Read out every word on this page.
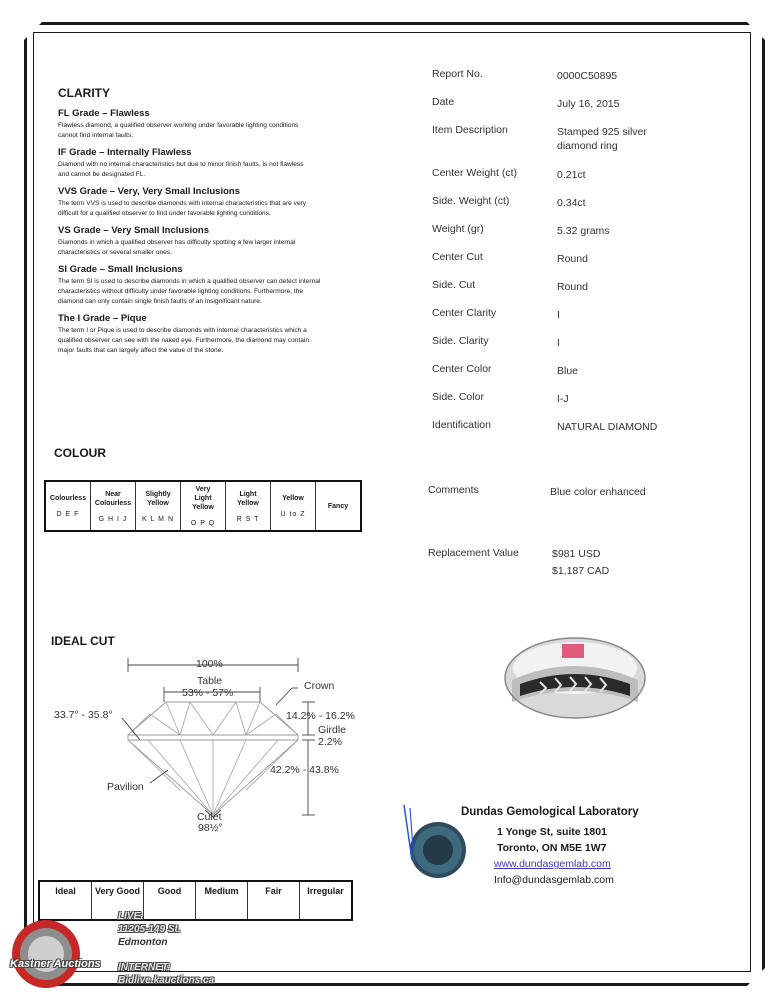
CLARITY
FL Grade – Flawless
Flawless diamond, a qualified observer working under favorable lighting conditions
cannot find internal faults.
IF Grade – Internally Flawless
Diamond with no internal characteristics but due to minor finish faults, is not flawless
and cannot be designated FL.
VVS Grade – Very, Very Small Inclusions
The term VVS is used to describe diamonds with internal characteristics that are very
difficult for a qualified observer to find under favorable lighting conditions.
VS Grade – Very Small Inclusions
Diamonds in which a qualified observer has difficulty spotting a few larger internal
characteristics or several smaller ones.
SI Grade – Small Inclusions
The term SI is used to describe diamonds in which a qualified observer can detect internal
characteristics without difficulty under favorable lighting conditions. Furthermore, the
diamond can only contain single finish faults of an insignificant nature.
The I Grade – Pique
The term I or Pique is used to describe diamonds with internal characteristics which a
qualified observer can see with the naked eye. Furthermore, the diamond may contain
major faults that can largely affect the value of the stone.
Report No.	0000C50895
Date	July 16, 2015
Item Description	Stamped 925 silver
diamond ring
Center Weight (ct)	0.21ct
Side. Weight (ct)	0.34ct
Weight (gr)	5.32 grams
Center Cut	Round
Side. Cut	Round
Center Clarity	I
Side. Clarity	I
Center Color	Blue
Side. Color	I-J
Identification	NATURAL DIAMOND
COLOUR
Colourless
D E F

Near
Colourless
G H I J

Slightly
Yellow
K L M N

Very
Light
Yellow
O P Q

Light
Yellow
R S T

Yellow
U to Z

Fancy
Comments	Blue color enhanced
Replacement Value	$981 USD
$1,187 CAD
IDEAL CUT
100%
Table
53% - 57%
Crown
33.7° - 35.8°	14.2% - 16.2%
Girdle
2.2%
42.2% - 43.8%
Pavilion
Culet
98½°
Ideal	Very Good	Good	Medium	Fair	Irregular
Dundas Gemological Laboratory
1 Yonge St, suite 1801
Toronto, ON M5E 1W7
www.dundasgemlab.com
Info@dundasgemlab.com
Kastner Auctions
LIVE:
11205-149 St.
Edmonton
INTERNET:
Bidlive.kauctions.ca
